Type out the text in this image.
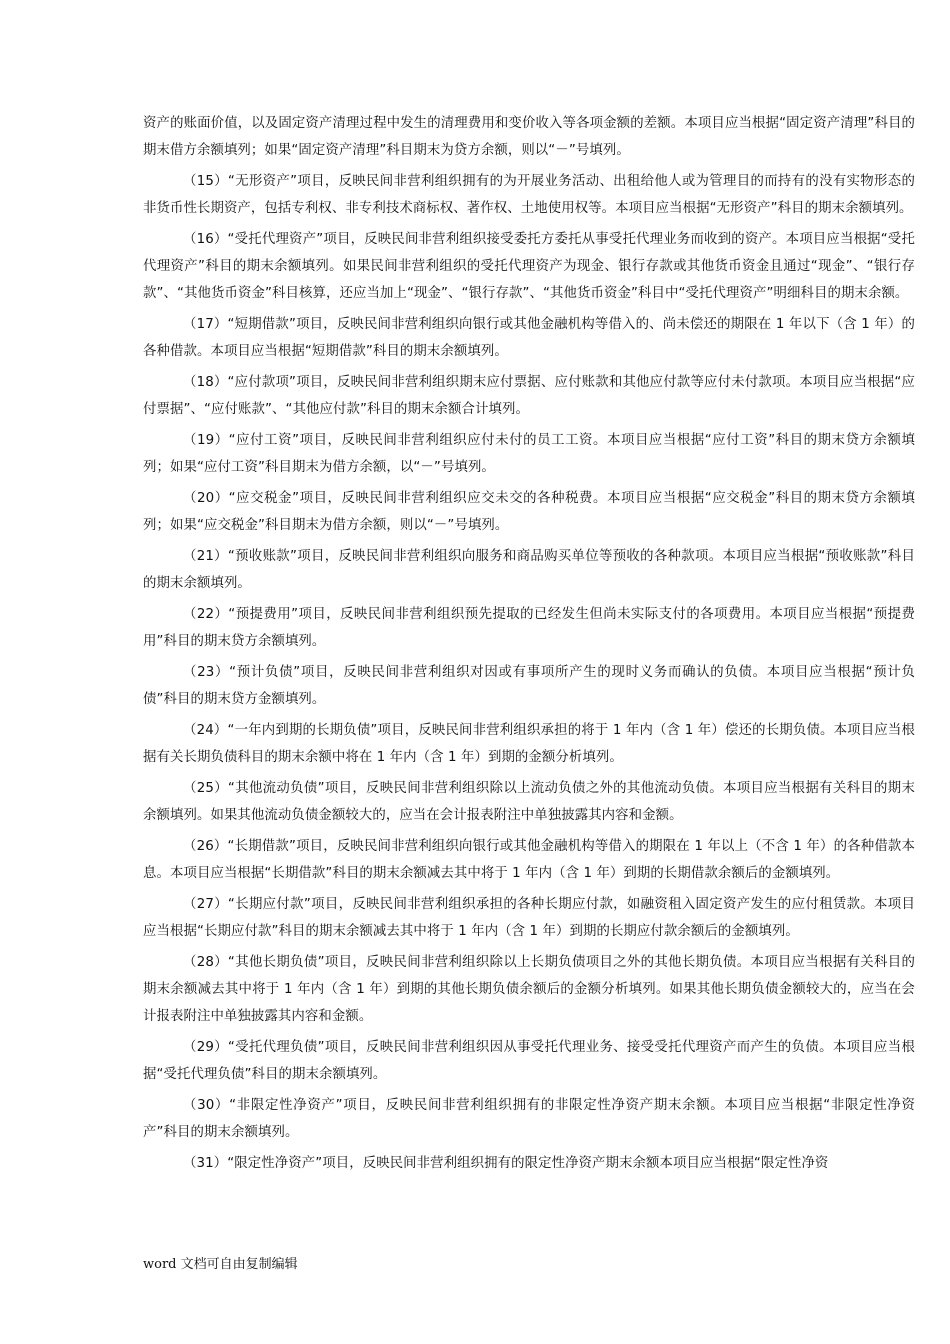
资产的账面价值，以及固定资产清理过程中发生的清理费用和变价收入等各项金额的差额。本项目应当根据“固定资产清理”科目的期末借方余额填列；如果“固定资产清理”科目期末为贷方余额，则以“－”号填列。

（15）“无形资产”项目，反映民间非营利组织拥有的为开展业务活动、出租给他人或为管理目的而持有的没有实物形态的非货币性长期资产，包括专利权、非专利技术商标权、著作权、土地使用权等。本项目应当根据“无形资产”科目的期末余额填列。

（16）“受托代理资产”项目，反映民间非营利组织接受委托方委托从事受托代理业务而收到的资产。本项目应当根据“受托代理资产”科目的期末余额填列。如果民间非营利组织的受托代理资产为现金、银行存款或其他货币资金且通过“现金”、“银行存款”、“其他货币资金”科目核算，还应当加上“现金”、“银行存款”、“其他货币资金”科目中“受托代理资产”明细科目的期末余额。

（17）“短期借款”项目，反映民间非营利组织向银行或其他金融机构等借入的、尚未偿还的期限在 1 年以下（含 1 年）的各种借款。本项目应当根据“短期借款”科目的期末余额填列。

（18）“应付款项”项目，反映民间非营利组织期末应付票据、应付账款和其他应付款等应付未付款项。本项目应当根据“应付票据”、“应付账款”、“其他应付款”科目的期末余额合计填列。

（19）“应付工资”项目，反映民间非营利组织应付未付的员工工资。本项目应当根据“应付工资”科目的期末贷方余额填列；如果“应付工资”科目期末为借方余额，以“－”号填列。

（20）“应交税金”项目，反映民间非营利组织应交未交的各种税费。本项目应当根据“应交税金”科目的期末贷方余额填列；如果“应交税金”科目期末为借方余额，则以“－”号填列。

（21）“预收账款”项目，反映民间非营利组织向服务和商品购买单位等预收的各种款项。本项目应当根据“预收账款”科目的期末余额填列。

（22）“预提费用”项目，反映民间非营利组织预先提取的已经发生但尚未实际支付的各项费用。本项目应当根据“预提费用”科目的期末贷方余额填列。

（23）“预计负债”项目，反映民间非营利组织对因或有事项所产生的现时义务而确认的负债。本项目应当根据“预计负债”科目的期末贷方金额填列。

（24）“一年内到期的长期负债”项目，反映民间非营利组织承担的将于 1 年内（含 1 年）偿还的长期负债。本项目应当根据有关长期负债科目的期末余额中将在 1 年内（含 1 年）到期的金额分析填列。

（25）“其他流动负债”项目，反映民间非营利组织除以上流动负债之外的其他流动负债。本项目应当根据有关科目的期末余额填列。如果其他流动负债金额较大的，应当在会计报表附注中单独披露其内容和金额。

（26）“长期借款”项目，反映民间非营利组织向银行或其他金融机构等借入的期限在 1 年以上（不含 1 年）的各种借款本息。本项目应当根据“长期借款”科目的期末余额减去其中将于 1 年内（含 1 年）到期的长期借款余额后的金额填列。

（27）“长期应付款”项目，反映民间非营利组织承担的各种长期应付款，如融资租入固定资产发生的应付租赁款。本项目应当根据“长期应付款”科目的期末余额减去其中将于 1 年内（含 1 年）到期的长期应付款余额后的金额填列。

（28）“其他长期负债”项目，反映民间非营利组织除以上长期负债项目之外的其他长期负债。本项目应当根据有关科目的期末余额减去其中将于 1 年内（含 1 年）到期的其他长期负债余额后的金额分析填列。如果其他长期负债金额较大的，应当在会计报表附注中单独披露其内容和金额。

（29）“受托代理负债”项目，反映民间非营利组织因从事受托代理业务、接受受托代理资产而产生的负债。本项目应当根据“受托代理负债”科目的期末余额填列。

（30）“非限定性净资产”项目，反映民间非营利组织拥有的非限定性净资产期末余额。本项目应当根据“非限定性净资产”科目的期末余额填列。

（31）“限定性净资产”项目，反映民间非营利组织拥有的限定性净资产期末余额本项目应当根据“限定性净资

word 文档可自由复制编辑
